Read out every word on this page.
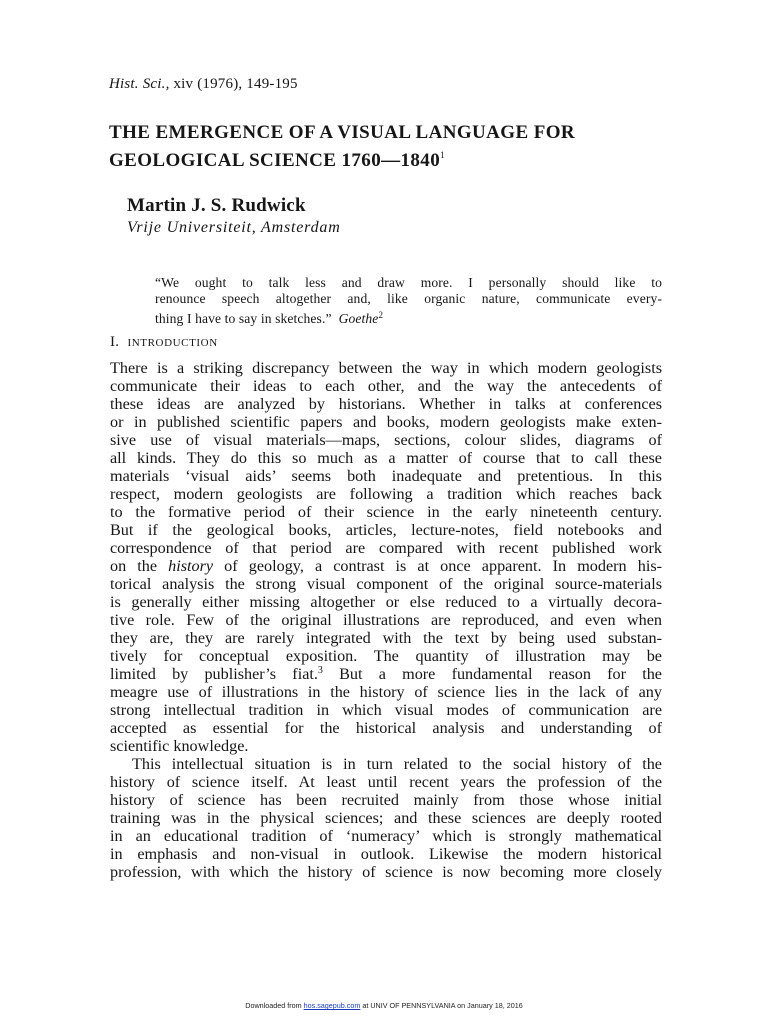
Hist. Sci., xiv (1976), 149-195
THE EMERGENCE OF A VISUAL LANGUAGE FOR
GEOLOGICAL SCIENCE 1760—1840$^1$
Martin J. S. Rudwick
Vrije Universiteit, Amsterdam
“We ought to talk less and draw more. I personally should like to
renounce speech altogether and, like organic nature, communicate every-
thing I have to say in sketches.” Goethe$^2$
I. INTRODUCTION
There is a striking discrepancy between the way in which modern geologists
communicate their ideas to each other, and the way the antecedents of
these ideas are analyzed by historians. Whether in talks at conferences
or in published scientific papers and books, modern geologists make exten-
sive use of visual materials—maps, sections, colour slides, diagrams of
all kinds. They do this so much as a matter of course that to call these
materials ‘visual aids’ seems both inadequate and pretentious. In this
respect, modern geologists are following a tradition which reaches back
to the formative period of their science in the early nineteenth century.
But if the geological books, articles, lecture-notes, field notebooks and
correspondence of that period are compared with recent published work
on the history of geology, a contrast is at once apparent. In modern his-
torical analysis the strong visual component of the original source-materials
is generally either missing altogether or else reduced to a virtually decora-
tive role. Few of the original illustrations are reproduced, and even when
they are, they are rarely integrated with the text by being used substan-
tively for conceptual exposition. The quantity of illustration may be
limited by publisher’s fiat.$^3$ But a more fundamental reason for the
meagre use of illustrations in the history of science lies in the lack of any
strong intellectual tradition in which visual modes of communication are
accepted as essential for the historical analysis and understanding of
scientific knowledge.
This intellectual situation is in turn related to the social history of the
history of science itself. At least until recent years the profession of the
history of science has been recruited mainly from those whose initial
training was in the physical sciences; and these sciences are deeply rooted
in an educational tradition of ‘numeracy’ which is strongly mathematical
in emphasis and non-visual in outlook. Likewise the modern historical
profession, with which the history of science is now becoming more closely
Downloaded from hos.sagepub.com at UNIV OF PENNSYLVANIA on January 18, 2016
